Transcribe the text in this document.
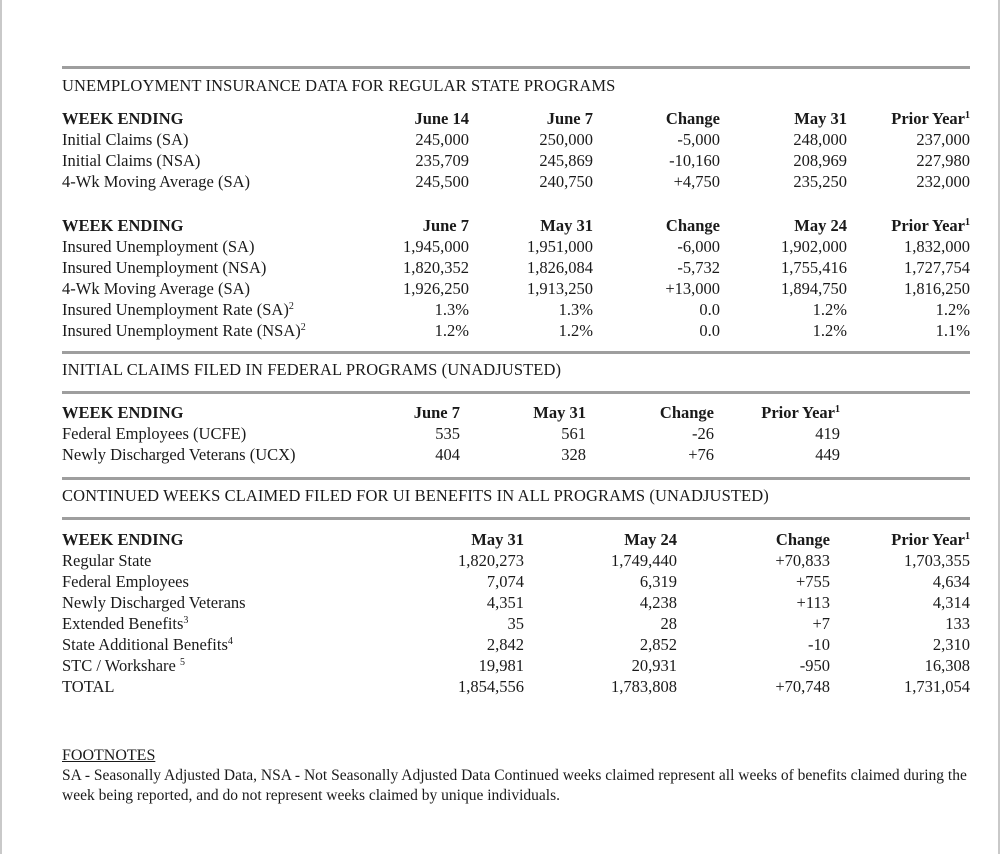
UNEMPLOYMENT INSURANCE DATA FOR REGULAR STATE PROGRAMS
WEEK ENDING	June 14	June 7	Change	May 31	Prior Year$^1$
Initial Claims (SA)	245,000	250,000	-5,000	248,000	237,000
Initial Claims (NSA)	235,709	245,869	-10,160	208,969	227,980
4-Wk Moving Average (SA)	245,500	240,750	+4,750	235,250	232,000
WEEK ENDING	June 7	May 31	Change	May 24	Prior Year$^1$
Insured Unemployment (SA)	1,945,000	1,951,000	-6,000	1,902,000	1,832,000
Insured Unemployment (NSA)	1,820,352	1,826,084	-5,732	1,755,416	1,727,754
4-Wk Moving Average (SA)	1,926,250	1,913,250	+13,000	1,894,750	1,816,250
Insured Unemployment Rate (SA)$^2$	1.3%	1.3%	0.0	1.2%	1.2%
Insured Unemployment Rate (NSA)$^2$	1.2%	1.2%	0.0	1.2%	1.1%
INITIAL CLAIMS FILED IN FEDERAL PROGRAMS (UNADJUSTED)
WEEK ENDING	June 7	May 31	Change	Prior Year$^1$
Federal Employees (UCFE)	535	561	-26	419
Newly Discharged Veterans (UCX)	404	328	+76	449
CONTINUED WEEKS CLAIMED FILED FOR UI BENEFITS IN ALL PROGRAMS (UNADJUSTED)
WEEK ENDING	May 31	May 24	Change	Prior Year$^1$
Regular State	1,820,273	1,749,440	+70,833	1,703,355
Federal Employees	7,074	6,319	+755	4,634
Newly Discharged Veterans	4,351	4,238	+113	4,314
Extended Benefits$^3$	35	28	+7	133
State Additional Benefits$^4$	2,842	2,852	-10	2,310
STC / Workshare $^5$	19,981	20,931	-950	16,308
TOTAL	1,854,556	1,783,808	+70,748	1,731,054
FOOTNOTES
SA - Seasonally Adjusted Data, NSA - Not Seasonally Adjusted Data Continued weeks claimed represent all weeks of benefits claimed during the week being reported, and do not represent weeks claimed by unique individuals.
